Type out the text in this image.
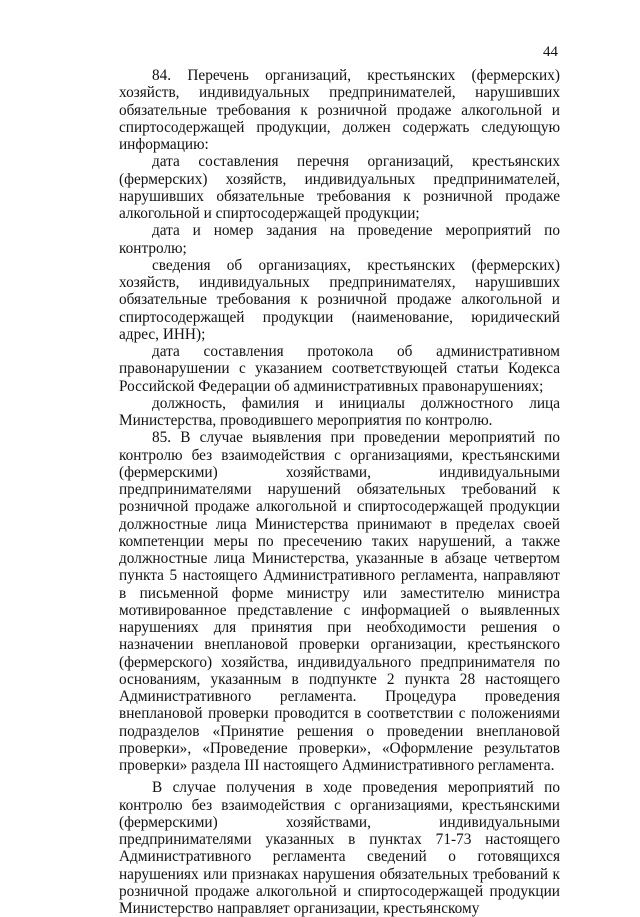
44

84. Перечень организаций, крестьянских (фермерских) хозяйств, индивидуальных предпринимателей, нарушивших обязательные требования к розничной продаже алкогольной и спиртосодержащей продукции, должен содержать следующую информацию:

дата составления перечня организаций, крестьянских (фермерских) хозяйств, индивидуальных предпринимателей, нарушивших обязательные требования к розничной продаже алкогольной и спиртосодержащей продукции;

дата и номер задания на проведение мероприятий по контролю;

сведения об организациях, крестьянских (фермерских) хозяйств, индивидуальных предпринимателях, нарушивших обязательные требования к розничной продаже алкогольной и спиртосодержащей продукции (наименование, юридический адрес, ИНН);

дата составления протокола об административном правонарушении с указанием соответствующей статьи Кодекса Российской Федерации об административных правонарушениях;

должность, фамилия и инициалы должностного лица Министерства, проводившего мероприятия по контролю.

85. В случае выявления при проведении мероприятий по контролю без взаимодействия с организациями, крестьянскими (фермерскими) хозяйствами, индивидуальными предпринимателями нарушений обязательных требований к розничной продаже алкогольной и спиртосодержащей продукции должностные лица Министерства принимают в пределах своей компетенции меры по пресечению таких нарушений, а также должностные лица Министерства, указанные в абзаце четвертом пункта 5 настоящего Административного регламента, направляют в письменной форме министру или заместителю министра мотивированное представление с информацией о выявленных нарушениях для принятия при необходимости решения о назначении внеплановой проверки организации, крестьянского (фермерского) хозяйства, индивидуального предпринимателя по основаниям, указанным в подпункте 2 пункта 28 настоящего Административного регламента. Процедура проведения внеплановой проверки проводится в соответствии с положениями подразделов «Принятие решения о проведении внеплановой проверки», «Проведение проверки», «Оформление результатов проверки» раздела III настоящего Административного регламента.

В случае получения в ходе проведения мероприятий по контролю без взаимодействия с организациями, крестьянскими (фермерскими) хозяйствами, индивидуальными предпринимателями указанных в пунктах 71-73 настоящего Административного регламента сведений о готовящихся нарушениях или признаках нарушения обязательных требований к розничной продаже алкогольной и спиртосодержащей продукции Министерство направляет организации, крестьянскому
